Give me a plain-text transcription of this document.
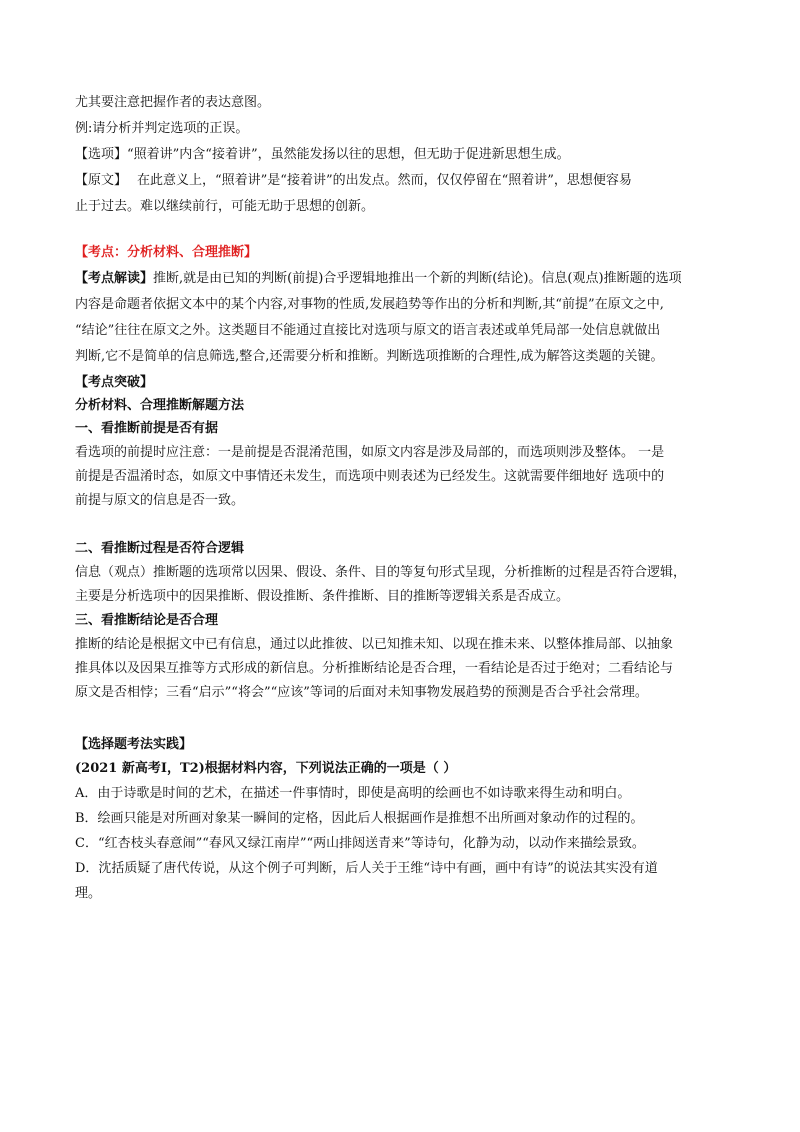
尤其要注意把握作者的表达意图。
例:请分析并判定选项的正误。
【选项】“照着讲”内含“接着讲”，虽然能发扬以往的思想，但无助于促进新思想生成。
【原文】 在此意义上，“照着讲”是“接着讲”的出发点。然而，仅仅停留在“照着讲”，思想便容易
止于过去。难以继续前行，可能无助于思想的创新。
【考点：分析材料、合理推断】
【考点解读】推断,就是由已知的判断(前提)合乎逻辑地推出一个新的判断(结论)。信息(观点)推断题的选项
内容是命题者依据文本中的某个内容,对事物的性质,发展趋势等作出的分析和判断,其“前提”在原文之中,
“结论”往往在原文之外。这类题目不能通过直接比对选项与原文的语言表述或单凭局部一处信息就做出
判断,它不是简单的信息筛选,整合,还需要分析和推断。判断选项推断的合理性,成为解答这类题的关键。
【考点突破】
分析材料、合理推断解题方法
一、看推断前提是否有据
看选项的前提时应注意：一是前提是否混淆范围，如原文内容是涉及局部的，而选项则涉及整体。 一是
前提是否温淆时态，如原文中事情还未发生，而选项中则表述为已经发生。这就需要伴细地好 选项中的
前提与原文的信息是否一致。
二、看推断过程是否符合逻辑
信息（观点）推断题的选项常以因果、假设、条件、目的等复句形式呈现，分析推断的过程是否符合逻辑，
主要是分析选项中的因果推断、假设推断、条件推断、目的推断等逻辑关系是否成立。
三、看推断结论是否合理
推断的结论是根据文中已有信息，通过以此推彼、以已知推未知、以现在推未来、以整体推局部、以抽象
推具体以及因果互推等方式形成的新信息。分析推断结论是否合理，一看结论是否过于绝对；二看结论与
原文是否相悖；三看“启示”“将会”“应该”等词的后面对未知事物发展趋势的预测是否合乎社会常理。
【选择题考法实践】
(2021 新高考Ⅰ，T2)根据材料内容，下列说法正确的一项是（ ）
A．由于诗歌是时间的艺术，在描述一件事情时，即使是高明的绘画也不如诗歌来得生动和明白。
B．绘画只能是对所画对象某一瞬间的定格，因此后人根据画作是推想不出所画对象动作的过程的。
C．“红杏枝头春意闹”“春风又绿江南岸”“两山排闼送青来”等诗句，化静为动，以动作来描绘景致。
D．沈括质疑了唐代传说，从这个例子可判断，后人关于王维“诗中有画，画中有诗”的说法其实没有道
理。
